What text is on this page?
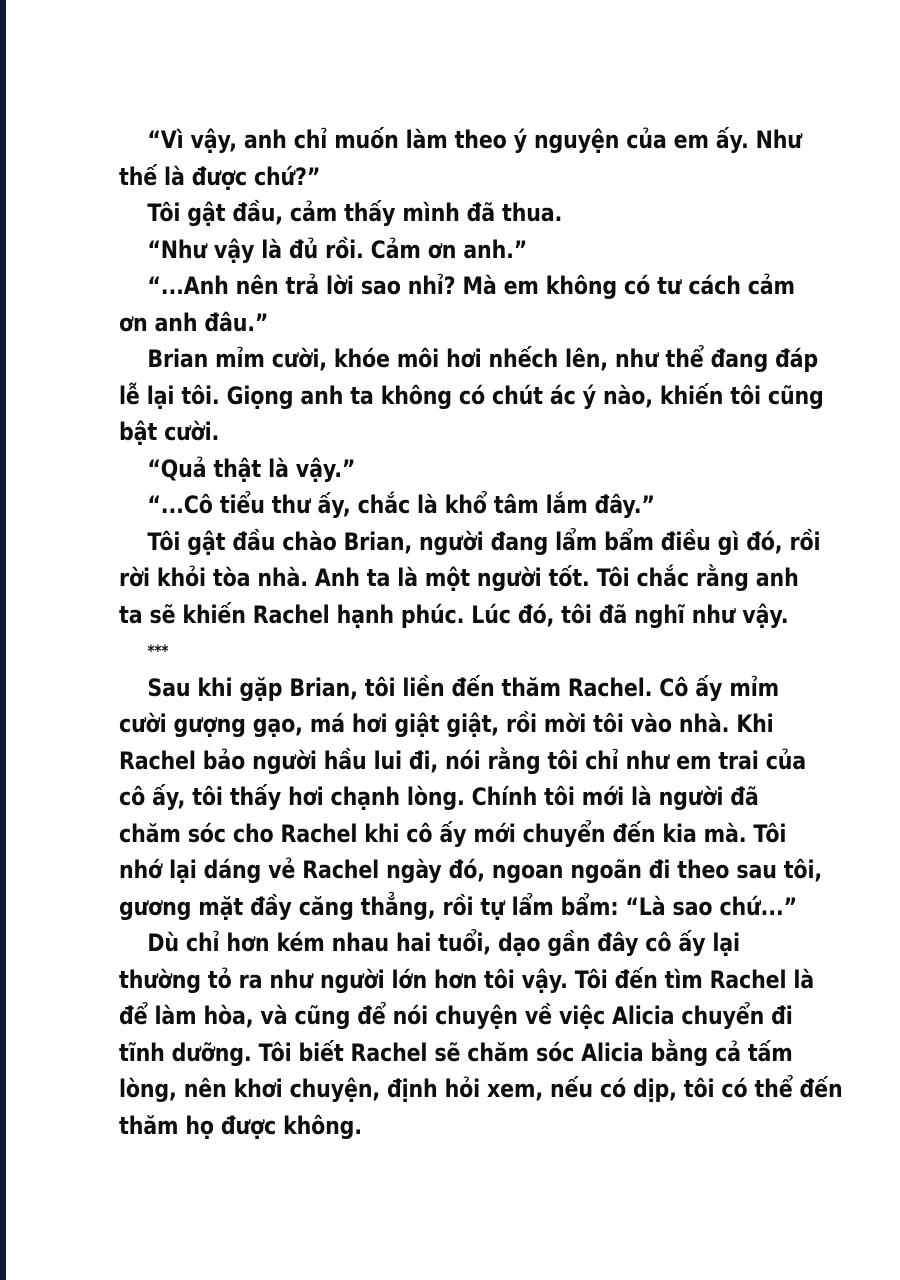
“Vì vậy, anh chỉ muốn làm theo ý nguyện của em ấy. Như
thế là được chứ?”
Tôi gật đầu, cảm thấy mình đã thua.
“Như vậy là đủ rồi. Cảm ơn anh.”
“...Anh nên trả lời sao nhỉ? Mà em không có tư cách cảm
ơn anh đâu.”
Brian mỉm cười, khóe môi hơi nhếch lên, như thể đang đáp
lễ lại tôi. Giọng anh ta không có chút ác ý nào, khiến tôi cũng
bật cười.
“Quả thật là vậy.”
“...Cô tiểu thư ấy, chắc là khổ tâm lắm đây.”
Tôi gật đầu chào Brian, người đang lẩm bẩm điều gì đó, rồi
rời khỏi tòa nhà. Anh ta là một người tốt. Tôi chắc rằng anh
ta sẽ khiến Rachel hạnh phúc. Lúc đó, tôi đã nghĩ như vậy.
***
Sau khi gặp Brian, tôi liền đến thăm Rachel. Cô ấy mỉm
cười gượng gạo, má hơi giật giật, rồi mời tôi vào nhà. Khi
Rachel bảo người hầu lui đi, nói rằng tôi chỉ như em trai của
cô ấy, tôi thấy hơi chạnh lòng. Chính tôi mới là người đã
chăm sóc cho Rachel khi cô ấy mới chuyển đến kia mà. Tôi
nhớ lại dáng vẻ Rachel ngày đó, ngoan ngoãn đi theo sau tôi,
gương mặt đầy căng thẳng, rồi tự lẩm bẩm: “Là sao chứ...”
Dù chỉ hơn kém nhau hai tuổi, dạo gần đây cô ấy lại
thường tỏ ra như người lớn hơn tôi vậy. Tôi đến tìm Rachel là
để làm hòa, và cũng để nói chuyện về việc Alicia chuyển đi
tĩnh dưỡng. Tôi biết Rachel sẽ chăm sóc Alicia bằng cả tấm
lòng, nên khơi chuyện, định hỏi xem, nếu có dịp, tôi có thể đến
thăm họ được không.
